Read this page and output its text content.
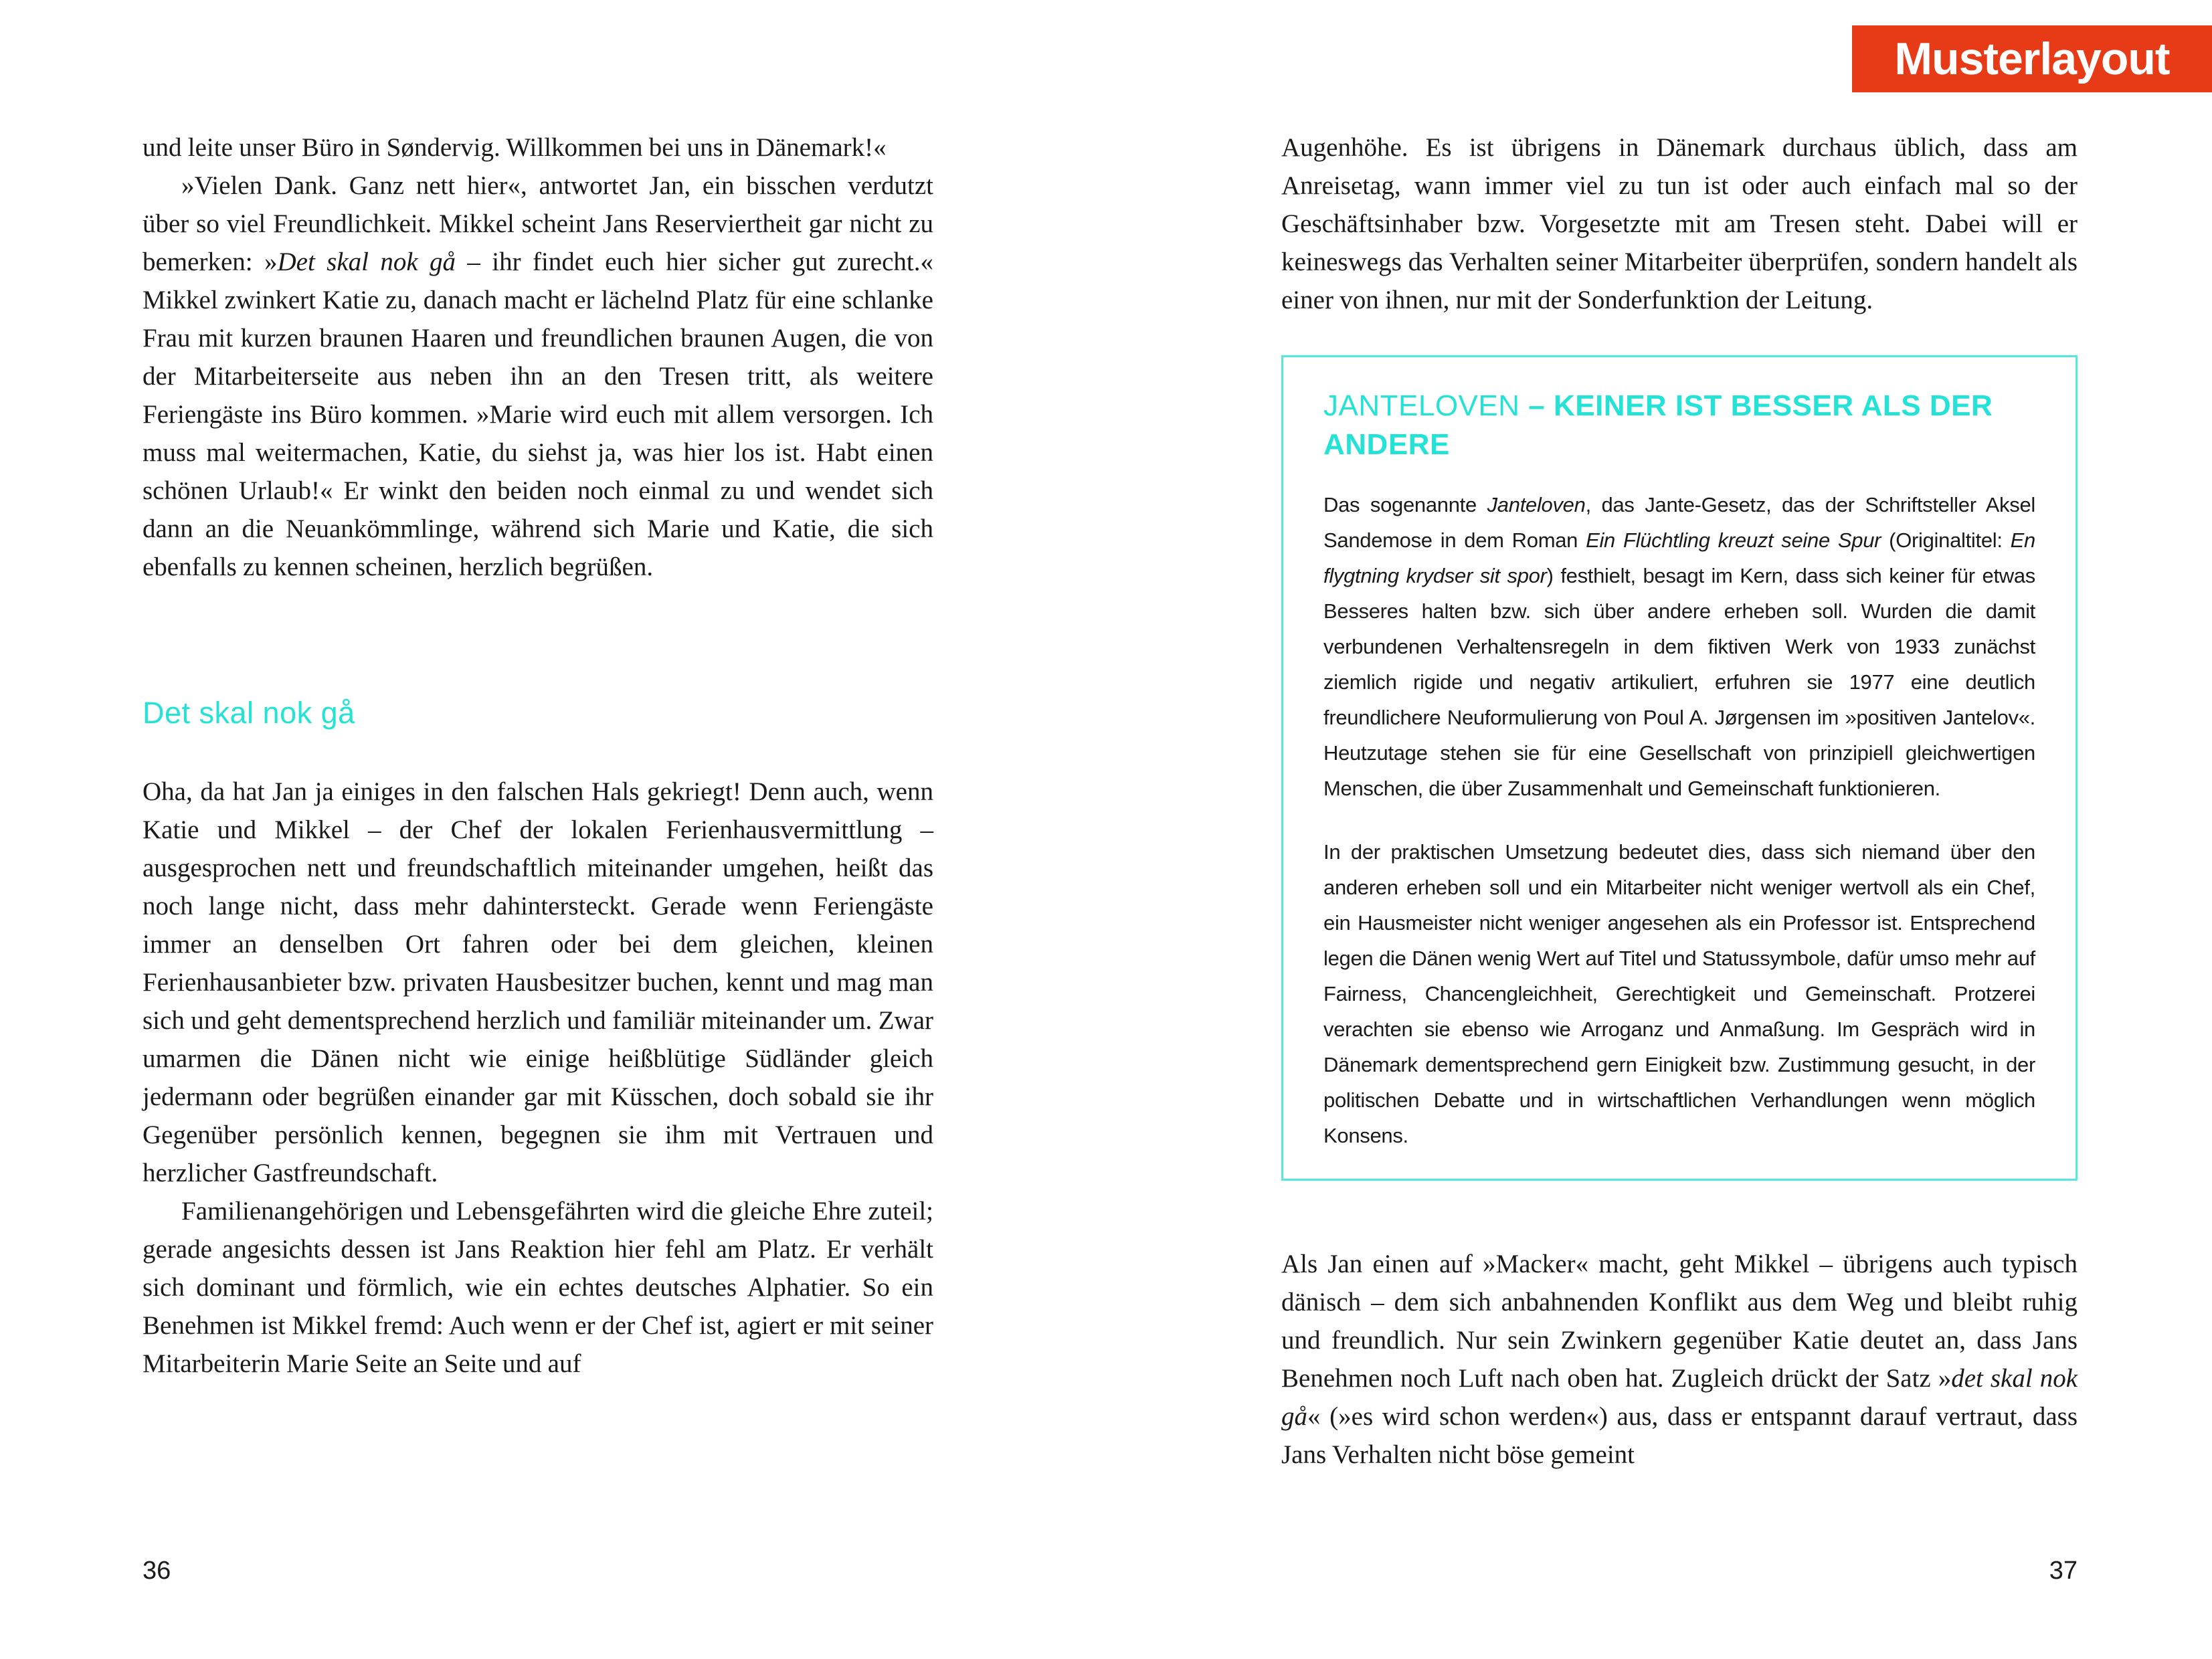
Musterlayout

und leite unser Büro in Søndervig. Willkommen bei uns in Dänemark!«

»Vielen Dank. Ganz nett hier«, antwortet Jan, ein bisschen verdutzt über so viel Freundlichkeit. Mikkel scheint Jans Reserviertheit gar nicht zu bemerken: »Det skal nok gå – ihr findet euch hier sicher gut zurecht.« Mikkel zwinkert Katie zu, danach macht er lächelnd Platz für eine schlanke Frau mit kurzen braunen Haaren und freundlichen braunen Augen, die von der Mitarbeiterseite aus neben ihn an den Tresen tritt, als weitere Feriengäste ins Büro kommen. »Marie wird euch mit allem versorgen. Ich muss mal weitermachen, Katie, du siehst ja, was hier los ist. Habt einen schönen Urlaub!« Er winkt den beiden noch einmal zu und wendet sich dann an die Neuankömmlinge, während sich Marie und Katie, die sich ebenfalls zu kennen scheinen, herzlich begrüßen.

Det skal nok gå

Oha, da hat Jan ja einiges in den falschen Hals gekriegt! Denn auch, wenn Katie und Mikkel – der Chef der lokalen Ferienhausvermittlung – ausgesprochen nett und freundschaftlich miteinander umgehen, heißt das noch lange nicht, dass mehr dahintersteckt. Gerade wenn Feriengäste immer an denselben Ort fahren oder bei dem gleichen, kleinen Ferienhausanbieter bzw. privaten Hausbesitzer buchen, kennt und mag man sich und geht dementsprechend herzlich und familiär miteinander um. Zwar umarmen die Dänen nicht wie einige heißblütige Südländer gleich jedermann oder begrüßen einander gar mit Küsschen, doch sobald sie ihr Gegenüber persönlich kennen, begegnen sie ihm mit Vertrauen und herzlicher Gastfreundschaft.

Familienangehörigen und Lebensgefährten wird die gleiche Ehre zuteil; gerade angesichts dessen ist Jans Reaktion hier fehl am Platz. Er verhält sich dominant und förmlich, wie ein echtes deutsches Alphatier. So ein Benehmen ist Mikkel fremd: Auch wenn er der Chef ist, agiert er mit seiner Mitarbeiterin Marie Seite an Seite und auf

Augenhöhe. Es ist übrigens in Dänemark durchaus üblich, dass am Anreisetag, wann immer viel zu tun ist oder auch einfach mal so der Geschäftsinhaber bzw. Vorgesetzte mit am Tresen steht. Dabei will er keineswegs das Verhalten seiner Mitarbeiter überprüfen, sondern handelt als einer von ihnen, nur mit der Sonderfunktion der Leitung.

JANTELOVEN – KEINER IST BESSER ALS DER ANDERE

Das sogenannte Janteloven, das Jante-Gesetz, das der Schriftsteller Aksel Sandemose in dem Roman Ein Flüchtling kreuzt seine Spur (Originaltitel: En flygtning krydser sit spor) festhielt, besagt im Kern, dass sich keiner für etwas Besseres halten bzw. sich über andere erheben soll. Wurden die damit verbundenen Verhaltensregeln in dem fiktiven Werk von 1933 zunächst ziemlich rigide und negativ artikuliert, erfuhren sie 1977 eine deutlich freundlichere Neuformulierung von Poul A. Jørgensen im »positiven Jantelov«. Heutzutage stehen sie für eine Gesellschaft von prinzipiell gleichwertigen Menschen, die über Zusammenhalt und Gemeinschaft funktionieren.

In der praktischen Umsetzung bedeutet dies, dass sich niemand über den anderen erheben soll und ein Mitarbeiter nicht weniger wertvoll als ein Chef, ein Hausmeister nicht weniger angesehen als ein Professor ist. Entsprechend legen die Dänen wenig Wert auf Titel und Statussymbole, dafür umso mehr auf Fairness, Chancengleichheit, Gerechtigkeit und Gemeinschaft. Protzerei verachten sie ebenso wie Arroganz und Anmaßung. Im Gespräch wird in Dänemark dementsprechend gern Einigkeit bzw. Zustimmung gesucht, in der politischen Debatte und in wirtschaftlichen Verhandlungen wenn möglich Konsens.

Als Jan einen auf »Macker« macht, geht Mikkel – übrigens auch typisch dänisch – dem sich anbahnenden Konflikt aus dem Weg und bleibt ruhig und freundlich. Nur sein Zwinkern gegenüber Katie deutet an, dass Jans Benehmen noch Luft nach oben hat. Zugleich drückt der Satz »det skal nok gå« (»es wird schon werden«) aus, dass er entspannt darauf vertraut, dass Jans Verhalten nicht böse gemeint

36	37
